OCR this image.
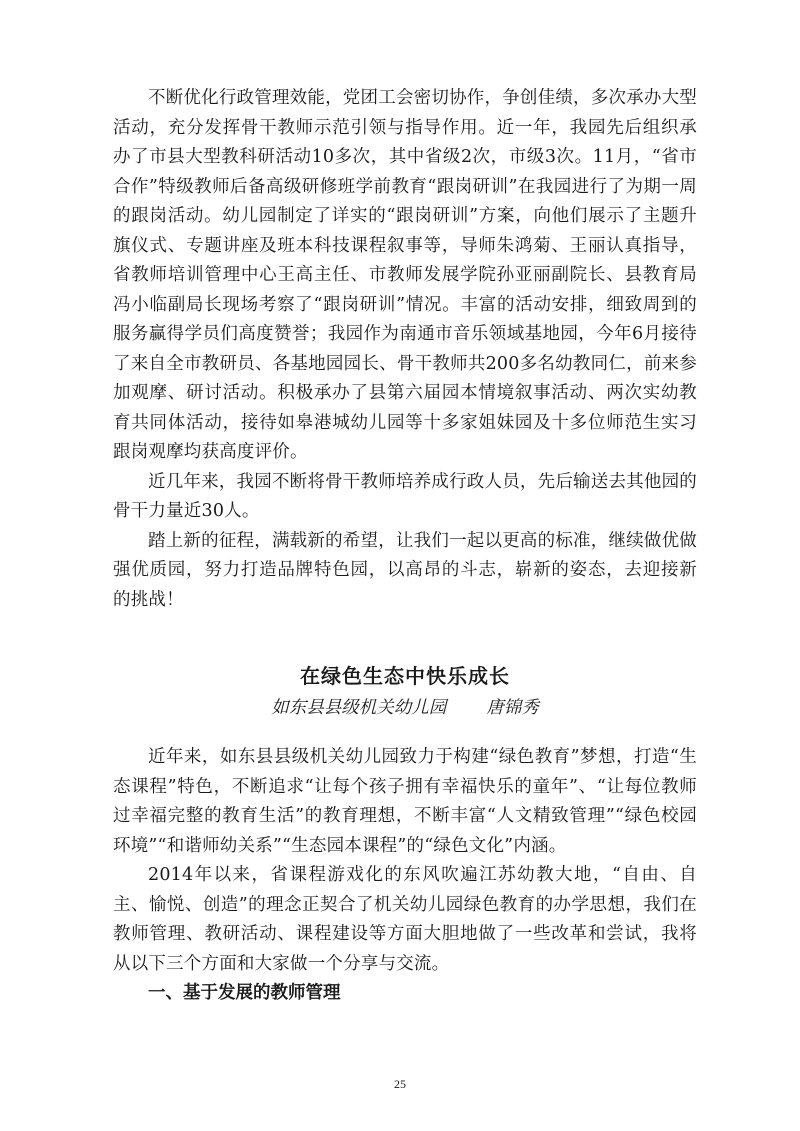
不断优化行政管理效能，党团工会密切协作，争创佳绩，多次承办大型活动，充分发挥骨干教师示范引领与指导作用。近一年，我园先后组织承办了市县大型教科研活动10多次，其中省级2次，市级3次。11月，“省市合作”特级教师后备高级研修班学前教育“跟岗研训”在我园进行了为期一周的跟岗活动。幼儿园制定了详实的“跟岗研训”方案，向他们展示了主题升旗仪式、专题讲座及班本科技课程叙事等，导师朱鸿菊、王丽认真指导，省教师培训管理中心王高主任、市教师发展学院孙亚丽副院长、县教育局冯小临副局长现场考察了“跟岗研训”情况。丰富的活动安排，细致周到的服务赢得学员们高度赞誉；我园作为南通市音乐领域基地园，今年6月接待了来自全市教研员、各基地园园长、骨干教师共200多名幼教同仁，前来参加观摩、研讨活动。积极承办了县第六届园本情境叙事活动、两次实幼教育共同体活动，接待如皋港城幼儿园等十多家姐妹园及十多位师范生实习跟岗观摩均获高度评价。

近几年来，我园不断将骨干教师培养成行政人员，先后输送去其他园的骨干力量近30人。

踏上新的征程，满载新的希望，让我们一起以更高的标准，继续做优做强优质园，努力打造品牌特色园，以高昂的斗志，崭新的姿态，去迎接新的挑战！

在绿色生态中快乐成长

如东县县级机关幼儿园 唐锦秀

近年来，如东县县级机关幼儿园致力于构建“绿色教育”梦想，打造“生态课程”特色，不断追求“让每个孩子拥有幸福快乐的童年”、“让每位教师过幸福完整的教育生活”的教育理想，不断丰富“人文精致管理”“绿色校园环境”“和谐师幼关系”“生态园本课程”的“绿色文化”内涵。

2014年以来，省课程游戏化的东风吹遍江苏幼教大地，“自由、自主、愉悦、创造”的理念正契合了机关幼儿园绿色教育的办学思想，我们在教师管理、教研活动、课程建设等方面大胆地做了一些改革和尝试，我将从以下三个方面和大家做一个分享与交流。

一、基于发展的教师管理

25
